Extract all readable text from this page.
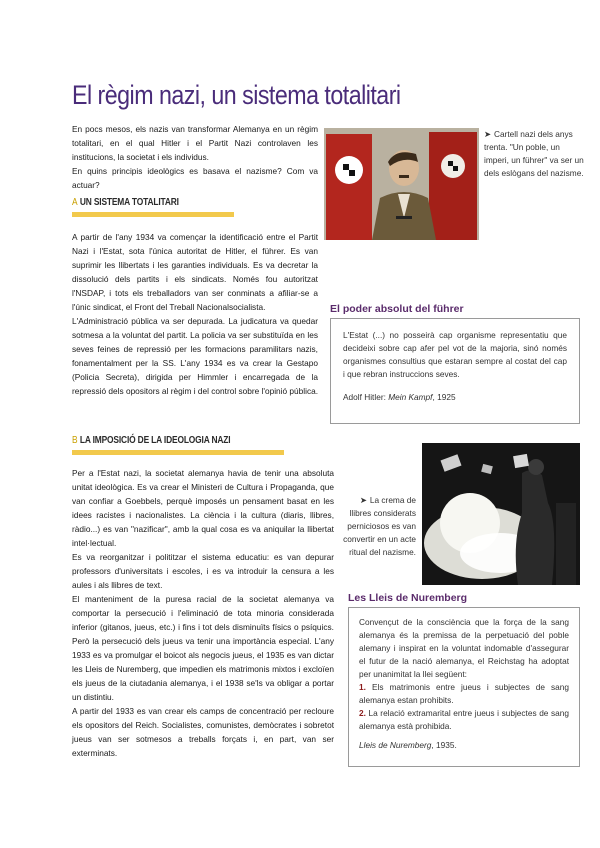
El règim nazi, un sistema totalitari

En pocs mesos, els nazis van transformar Alemanya en un règim totalitari, en el qual Hitler i el Partit Nazi controlaven les institucions, la societat i els individus.

En quins principis ideològics es basava el nazisme? Com va actuar?

A UN SISTEMA TOTALITARI

A partir de l'any 1934 va començar la identificació entre el Partit Nazi i l'Estat, sota l'única autoritat de Hitler, el führer. Es van suprimir les llibertats i les garanties individuals. Es va decretar la dissolució dels partits i els sindicats. Només fou autoritzat l'NSDAP, i tots els treballadors van ser conminats a afiliar-se a l'únic sindicat, el Front del Treball Nacionalsocialista.

L'Administració pública va ser depurada. La judicatura va quedar sotmesa a la voluntat del partit. La policia va ser substituïda en les seves feines de repressió per les formacions paramilitars nazis, fonamentalment per la SS. L'any 1934 es va crear la Gestapo (Policia Secreta), dirigida per Himmler i encarregada de la repressió dels opositors al règim i del control sobre l'opinió pública.

B LA IMPOSICIÓ DE LA IDEOLOGIA NAZI

Per a l'Estat nazi, la societat alemanya havia de tenir una absoluta unitat ideològica. Es va crear el Ministeri de Cultura i Propaganda, que van confiar a Goebbels, perquè imposés un pensament basat en les idees racistes i nacionalistes. La ciència i la cultura (diaris, llibres, ràdio...) es van "nazificar", amb la qual cosa es va aniquilar la llibertat intel·lectual.

Es va reorganitzar i polititzar el sistema educatiu: es van depurar professors d'universitats i escoles, i es va introduir la censura a les aules i als llibres de text.

El manteniment de la puresa racial de la societat alemanya va comportar la persecució i l'eliminació de tota minoria considerada inferior (gitanos, jueus, etc.) i fins i tot dels disminuïts físics o psíquics. Però la persecució dels jueus va tenir una importància especial. L'any 1933 es va promulgar el boicot als negocis jueus, el 1935 es van dictar les Lleis de Nuremberg, que impedien els matrimonis mixtos i excloïen els jueus de la ciutadania alemanya, i el 1938 se'ls va obligar a portar un distintiu.

A partir del 1933 es van crear els camps de concentració per recloure els opositors del Reich. Socialistes, comunistes, demòcrates i sobretot jueus van ser sotmesos a treballs forçats i, en part, van ser exterminats.

➤ Cartell nazi dels anys trenta. "Un poble, un imperi, un führer" va ser un dels eslògans del nazisme.
El poder absolut del führer

L'Estat (...) no posseirà cap organisme representatiu que decideixi sobre cap afer pel vot de la majoria, sinó només organismes consultius que estaran sempre al costat del cap i que rebran instruccions seves.

Adolf Hitler: Mein Kampf, 1925

➤ La crema de llibres considerats perniciosos es van convertir en un acte ritual del nazisme.
Les Lleis de Nuremberg

Convençut de la consciència que la força de la sang alemanya és la premissa de la perpetuació del poble alemany i inspirat en la voluntat indomable d'assegurar el futur de la nació alemanya, el Reichstag ha adoptat per unanimitat la llei següent:

1. Els matrimonis entre jueus i subjectes de sang alemanya estan prohibits.

2. La relació extramarital entre jueus i subjectes de sang alemanya està prohibida.

Lleis de Nuremberg, 1935.
